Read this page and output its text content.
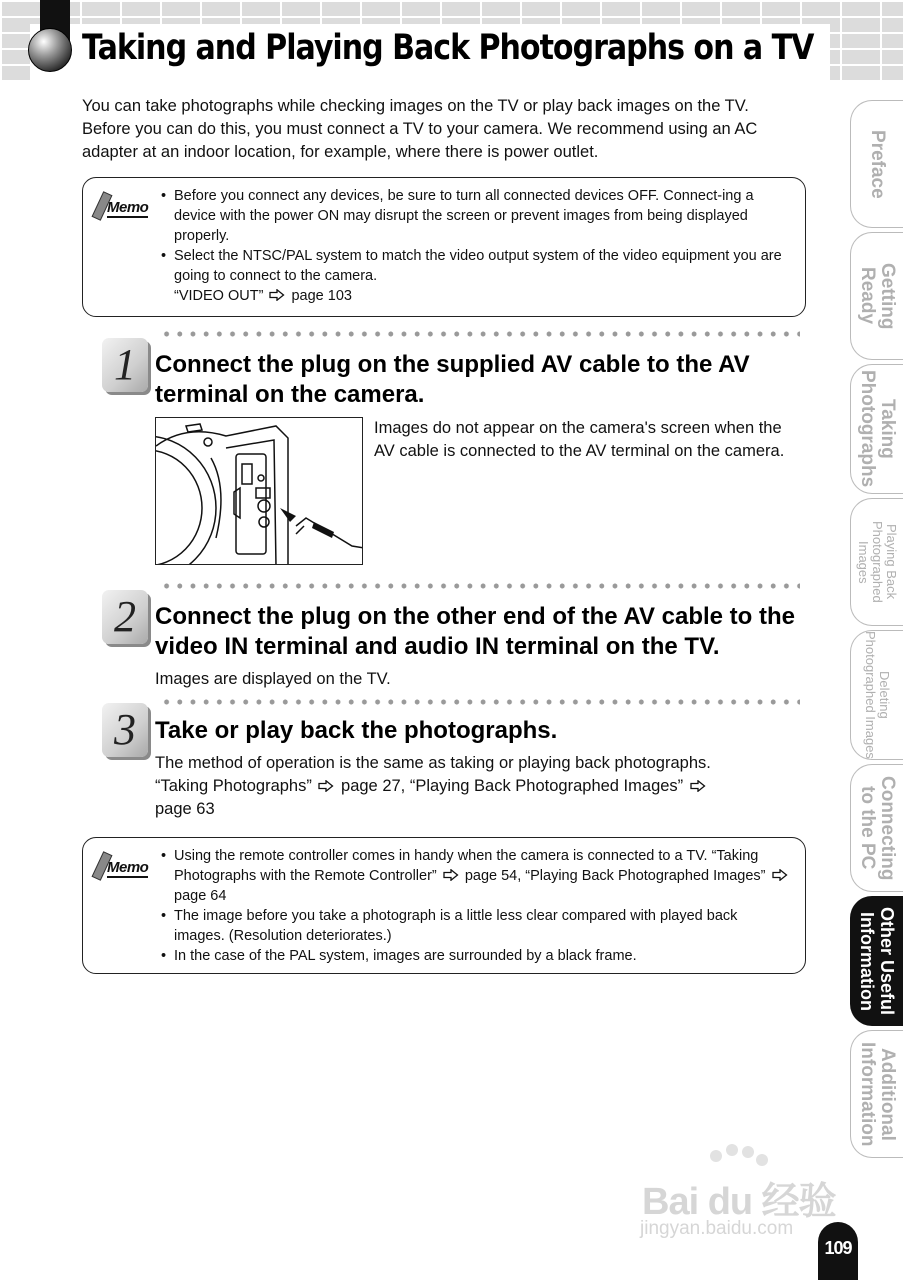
Taking and Playing Back Photographs on a TV

You can take photographs while checking images on the TV or play back images on the TV. Before you can do this, you must connect a TV to your camera. We recommend using an AC adapter at an indoor location, for example, where there is power outlet.

Memo
• Before you connect any devices, be sure to turn all connected devices OFF. Connect-ing a device with the power ON may disrupt the screen or prevent images from being displayed properly.
• Select the NTSC/PAL system to match the video output system of the video equipment you are going to connect to the camera.
“VIDEO OUT” page 103
1 Connect the plug on the supplied AV cable to the AV terminal on the camera.

Images do not appear on the camera's screen when the AV cable is connected to the AV terminal on the camera.

2 Connect the plug on the other end of the AV cable to the video IN terminal and audio IN terminal on the TV.

Images are displayed on the TV.

3 Take or play back the photographs.

The method of operation is the same as taking or playing back photographs.
“Taking Photographs” page 27, “Playing Back Photographed Images”
page 63

Memo
• Using the remote controller comes in handy when the camera is connected to a TV. “Taking Photographs with the Remote Controller” page 54, “Playing Back Photographed Images”  page 64
• The image before you take a photograph is a little less clear compared with played back images. (Resolution deteriorates.)
• In the case of the PAL system, images are surrounded by a black frame.
Preface
Getting Ready
Taking Photographs
Playing Back Photographed Images
Deleting Photographed Images
Connecting to the PC
Other Useful Information
Additional Information
Bai du 经验
jingyan.baidu.com
109
